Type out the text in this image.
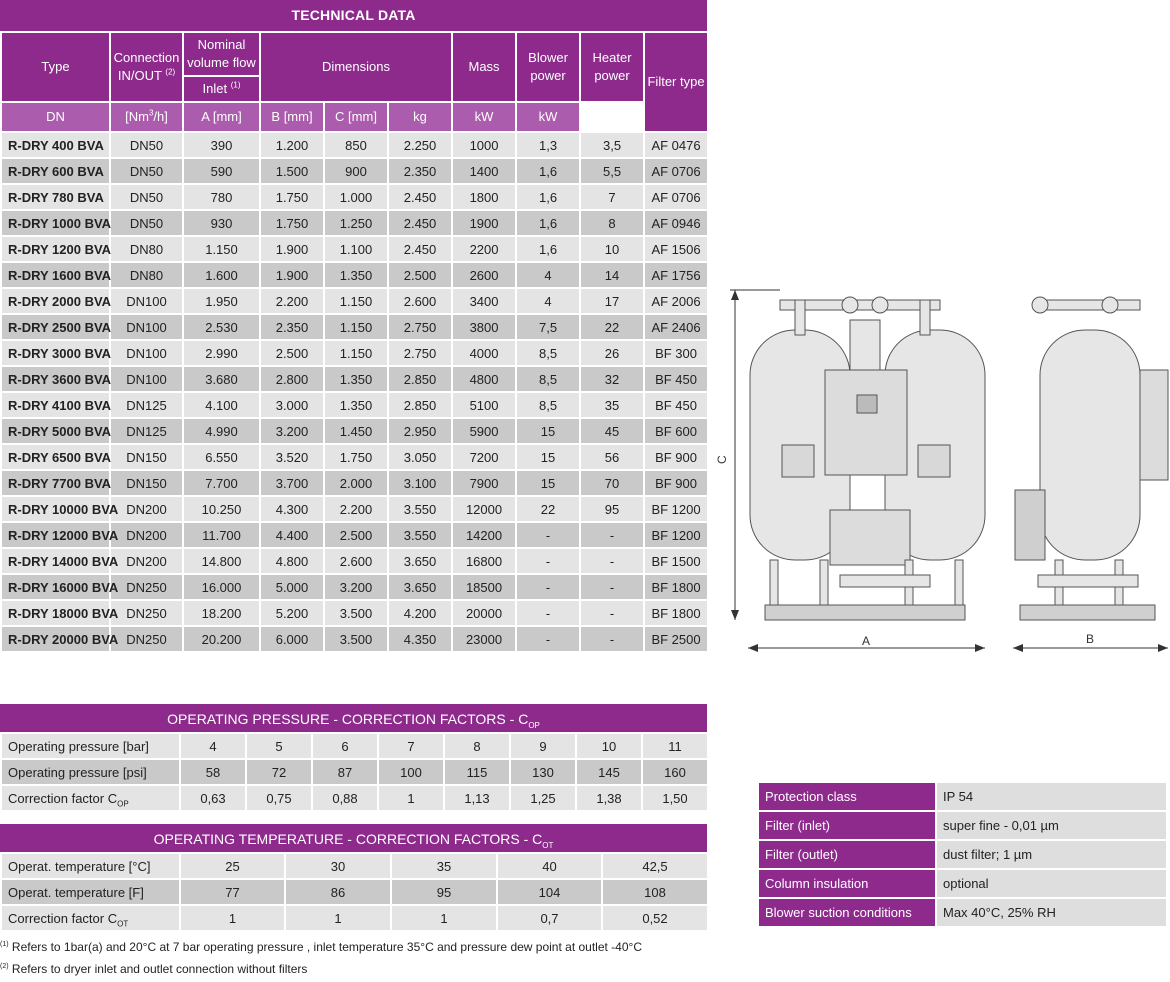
TECHNICAL DATA
Type	Connection IN/OUT $^{(2)}$	Nominal volume flow	Dimensions			Mass	Blower power	Heater power	Filter type
		Inlet $^{(1)}$
DN	[Nm$^3$/h]	A [mm]	B [mm]	C [mm]	kg	kW	kW		
R-DRY 400 BVA	DN50	390	1.200	850	2.250	1000	1,3	3,5	AF 0476
R-DRY 600 BVA	DN50	590	1.500	900	2.350	1400	1,6	5,5	AF 0706
R-DRY 780 BVA	DN50	780	1.750	1.000	2.450	1800	1,6	7	AF 0706
R-DRY 1000 BVA	DN50	930	1.750	1.250	2.450	1900	1,6	8	AF 0946
R-DRY 1200 BVA	DN80	1.150	1.900	1.100	2.450	2200	1,6	10	AF 1506
R-DRY 1600 BVA	DN80	1.600	1.900	1.350	2.500	2600	4	14	AF 1756
R-DRY 2000 BVA	DN100	1.950	2.200	1.150	2.600	3400	4	17	AF 2006
R-DRY 2500 BVA	DN100	2.530	2.350	1.150	2.750	3800	7,5	22	AF 2406
R-DRY 3000 BVA	DN100	2.990	2.500	1.150	2.750	4000	8,5	26	BF 300
R-DRY 3600 BVA	DN100	3.680	2.800	1.350	2.850	4800	8,5	32	BF 450
R-DRY 4100 BVA	DN125	4.100	3.000	1.350	2.850	5100	8,5	35	BF 450
R-DRY 5000 BVA	DN125	4.990	3.200	1.450	2.950	5900	15	45	BF 600
R-DRY 6500 BVA	DN150	6.550	3.520	1.750	3.050	7200	15	56	BF 900
R-DRY 7700 BVA	DN150	7.700	3.700	2.000	3.100	7900	15	70	BF 900
R-DRY 10000 BVA	DN200	10.250	4.300	2.200	3.550	12000	22	95	BF 1200
R-DRY 12000 BVA	DN200	11.700	4.400	2.500	3.550	14200	-	-	BF 1200
R-DRY 14000 BVA	DN200	14.800	4.800	2.600	3.650	16800	-	-	BF 1500
R-DRY 16000 BVA	DN250	16.000	5.000	3.200	3.650	18500	-	-	BF 1800
R-DRY 18000 BVA	DN250	18.200	5.200	3.500	4.200	20000	-	-	BF 1800
R-DRY 20000 BVA	DN250	20.200	6.000	3.500	4.350	23000	-	-	BF 2500
OPERATING PRESSURE - CORRECTION FACTORS - $C_{OP}$
Operating pressure [bar]	4	5	6	7	8	9	10	11
Operating pressure [psi]	58	72	87	100	115	130	145	160
Correction factor $C_{OP}$	0,63	0,75	0,88	1	1,13	1,25	1,38	1,50
OPERATING TEMPERATURE - CORRECTION FACTORS - $C_{OT}$
Operat. temperature [°C]	25	30	35	40	42,5
Operat. temperature [F]	77	86	95	104	108
Correction factor $C_{OT}$	1	1	1	0,7	0,52
$^{(1)}$ Refers to 1bar(a) and 20°C at 7 bar operating pressure , inlet temperature 35°C and pressure dew point at outlet -40°C
$^{(2)}$ Refers to dryer inlet and outlet connection without filters
Protection class	IP 54
Filter (inlet)	super fine - 0,01 µm
Filter (outlet)	dust filter; 1 µm
Column insulation	optional
Blower suction conditions	Max 40°C, 25% RH
A	B
C
